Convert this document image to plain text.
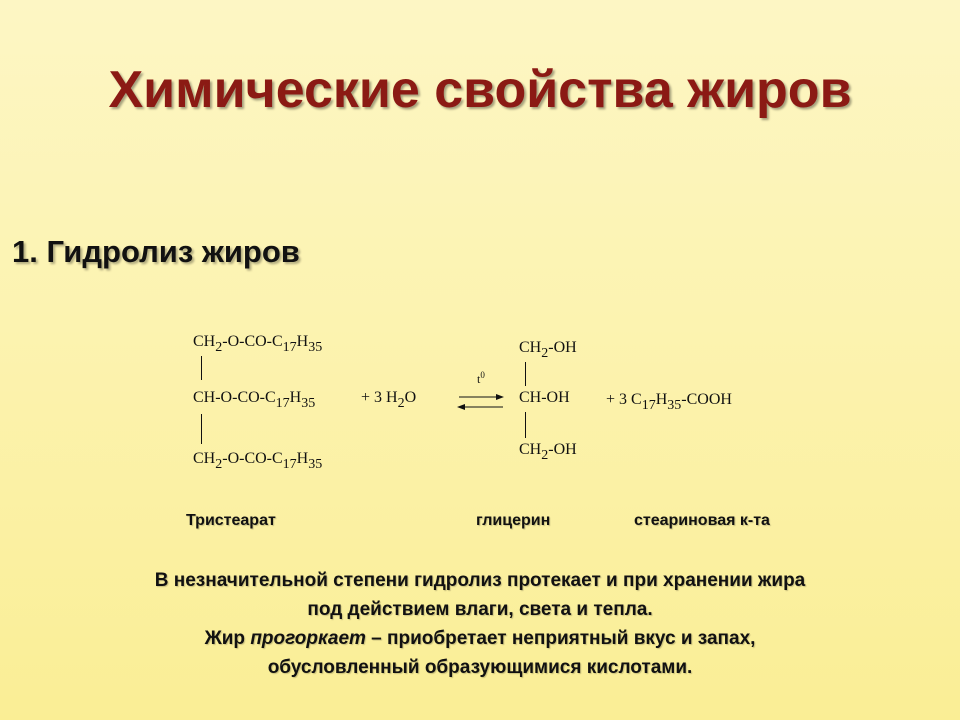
Химические свойства жиров
1. Гидролиз жиров
$CH_2-O-CO-C_{17}H_{35}$
$CH-O-CO-C_{17}H_{35}$
$CH_2-O-CO-C_{17}H_{35}$
+ 3 $H_2O$
$t^0$
$CH_2-OH$
CH-OH
$CH_2-OH$
+ 3 $C_{17}H_{35}$-COOH
Тристеарат	глицерин	стеариновая к-та

В незначительной степени гидролиз протекает и при хранении жира

под действием влаги, света и тепла.

Жир прогоркает – приобретает неприятный вкус и запах,

обусловленный образующимися кислотами.
